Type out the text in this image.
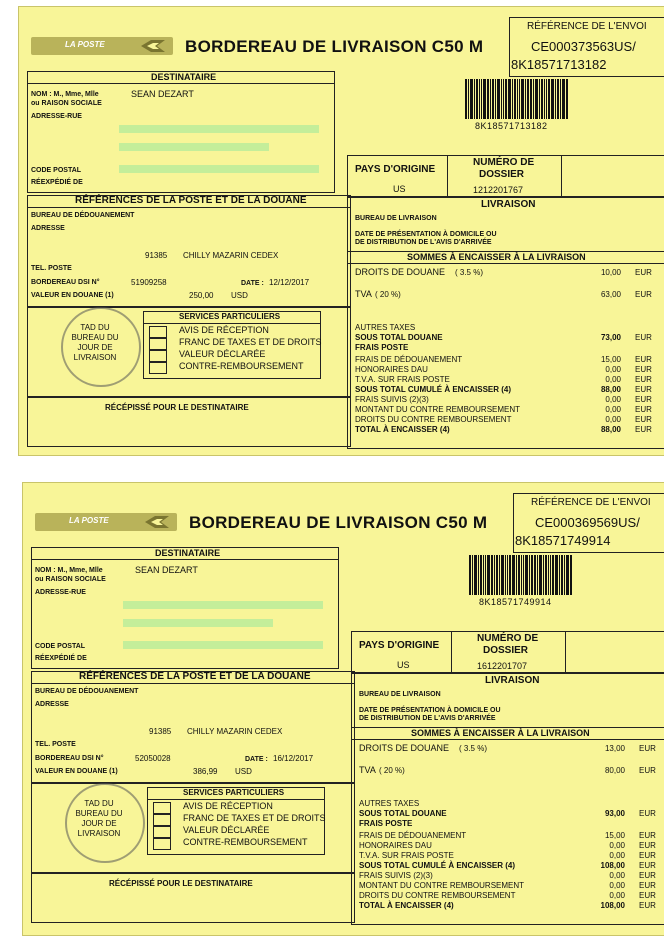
LA POSTE	BORDEREAU DE LIVRAISON C50 M
RÉFÉRENCE DE L'ENVOI
CE000373563US/
8K18571713182
DESTINATAIRE
NOM : M., Mme, Mlle
ou RAISON SOCIALE
SEAN DEZART
ADRESSE-RUE
CODE POSTAL
RÉEXPÉDIÉ DE
8K18571713182
PAYS D'ORIGINE
US
NUMÉRO DE
DOSSIER
1212201767
RÉFÉRENCES DE LA POSTE ET DE LA DOUANE
BUREAU DE DÉDOUANEMENT
ADRESSE
91385 CHILLY MAZARIN CEDEX
TEL. POSTE
BORDEREAU DSI N°	51909258	DATE : 12/12/2017
VALEUR EN DOUANE (1)	250,00 USD
SERVICES PARTICULIERS
AVIS DE RÉCEPTION
FRANC DE TAXES ET DE DROITS
VALEUR DÉCLARÉE
CONTRE-REMBOURSEMENT
TAD DU
BUREAU DU
JOUR DE
LIVRAISON
RÉCÉPISSÉ POUR LE DESTINATAIRE
LIVRAISON
BUREAU DE LIVRAISON
DATE DE PRÉSENTATION À DOMICILE OU
DE DISTRIBUTION DE L'AVIS D'ARRIVÉE
SOMMES À ENCAISSER À LA LIVRAISON
DROITS DE DOUANE ( 3.5 %)	10,00 EUR
TVA ( 20 %)	63,00 EUR
AUTRES TAXES
SOUS TOTAL DOUANE	73,00 EUR
FRAIS POSTE
FRAIS DE DÉDOUANEMENT	15,00 EUR
HONORAIRES DAU	0,00 EUR
T.V.A. SUR FRAIS POSTE	0,00 EUR
SOUS TOTAL CUMULÉ À ENCAISSER (4)	88,00 EUR
FRAIS SUIVIS (2)(3)	0,00 EUR
MONTANT DU CONTRE REMBOURSEMENT	0,00 EUR
DROITS DU CONTRE REMBOURSEMENT	0,00 EUR
TOTAL À ENCAISSER (4)	88,00 EUR
LA POSTE	BORDEREAU DE LIVRAISON C50 M
RÉFÉRENCE DE L'ENVOI
CE000369569US/
8K18571749914
DESTINATAIRE
NOM : M., Mme, Mlle
ou RAISON SOCIALE
SEAN DEZART
ADRESSE-RUE
CODE POSTAL
RÉEXPÉDIÉ DE
8K18571749914
PAYS D'ORIGINE
US
NUMÉRO DE
DOSSIER
1612201707
RÉFÉRENCES DE LA POSTE ET DE LA DOUANE
BUREAU DE DÉDOUANEMENT
ADRESSE
91385 CHILLY MAZARIN CEDEX
TEL. POSTE
BORDEREAU DSI N°	52050028	DATE : 16/12/2017
VALEUR EN DOUANE (1)	386,99 USD
SERVICES PARTICULIERS
AVIS DE RÉCEPTION
FRANC DE TAXES ET DE DROITS
VALEUR DÉCLARÉE
CONTRE-REMBOURSEMENT
TAD DU
BUREAU DU
JOUR DE
LIVRAISON
RÉCÉPISSÉ POUR LE DESTINATAIRE
LIVRAISON
BUREAU DE LIVRAISON
DATE DE PRÉSENTATION À DOMICILE OU
DE DISTRIBUTION DE L'AVIS D'ARRIVÉE
SOMMES À ENCAISSER À LA LIVRAISON
DROITS DE DOUANE ( 3.5 %)	13,00 EUR
TVA ( 20 %)	80,00 EUR
AUTRES TAXES
SOUS TOTAL DOUANE	93,00 EUR
FRAIS POSTE
FRAIS DE DÉDOUANEMENT	15,00 EUR
HONORAIRES DAU	0,00 EUR
T.V.A. SUR FRAIS POSTE	0,00 EUR
SOUS TOTAL CUMULÉ À ENCAISSER (4)	108,00 EUR
FRAIS SUIVIS (2)(3)	0,00 EUR
MONTANT DU CONTRE REMBOURSEMENT	0,00 EUR
DROITS DU CONTRE REMBOURSEMENT	0,00 EUR
TOTAL À ENCAISSER (4)	108,00 EUR
